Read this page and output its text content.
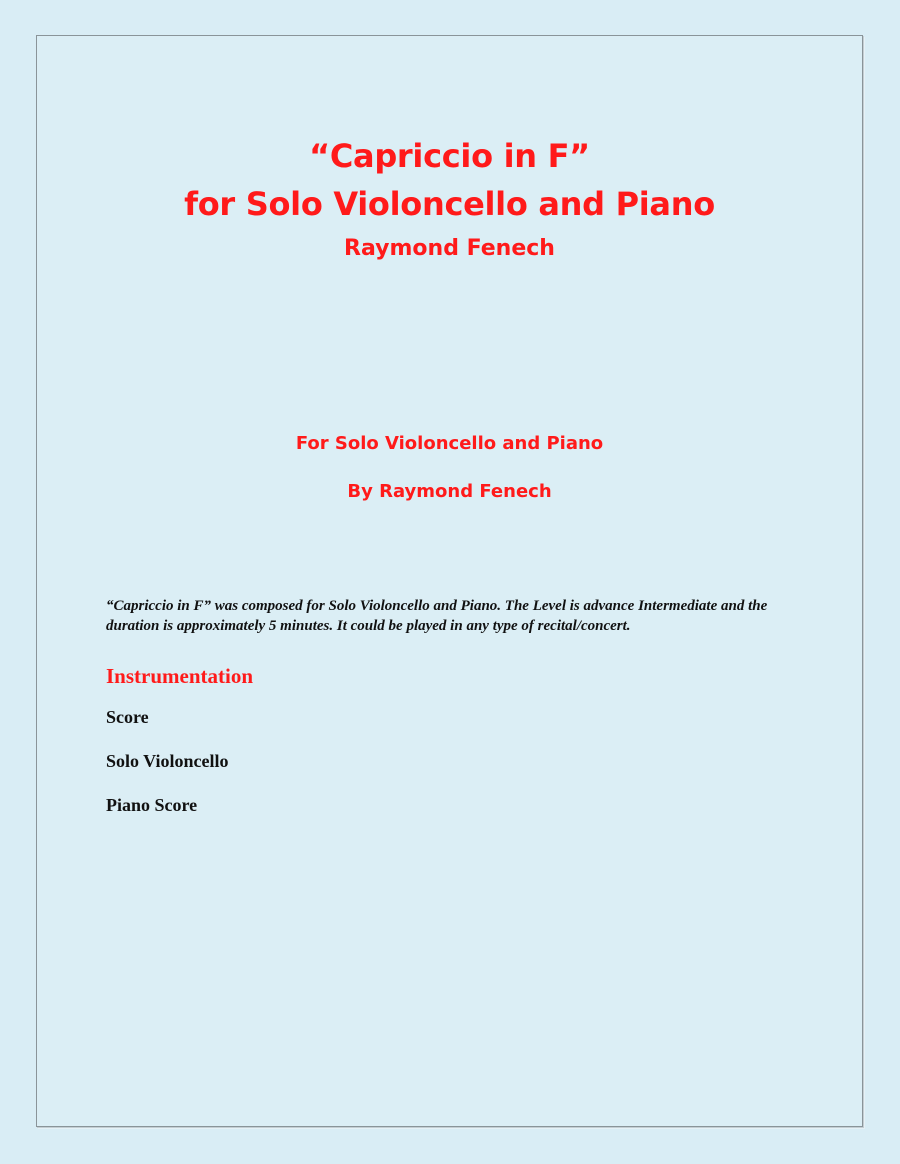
“Capriccio in F”
for Solo Violoncello and Piano
Raymond Fenech
For Solo Violoncello and Piano
By Raymond Fenech

“Capriccio in F” was composed for Solo Violoncello and Piano. The Level is advance Intermediate and the duration is approximately 5 minutes. It could be played in any type of recital/concert.

Instrumentation
Score
Solo Violoncello
Piano Score
